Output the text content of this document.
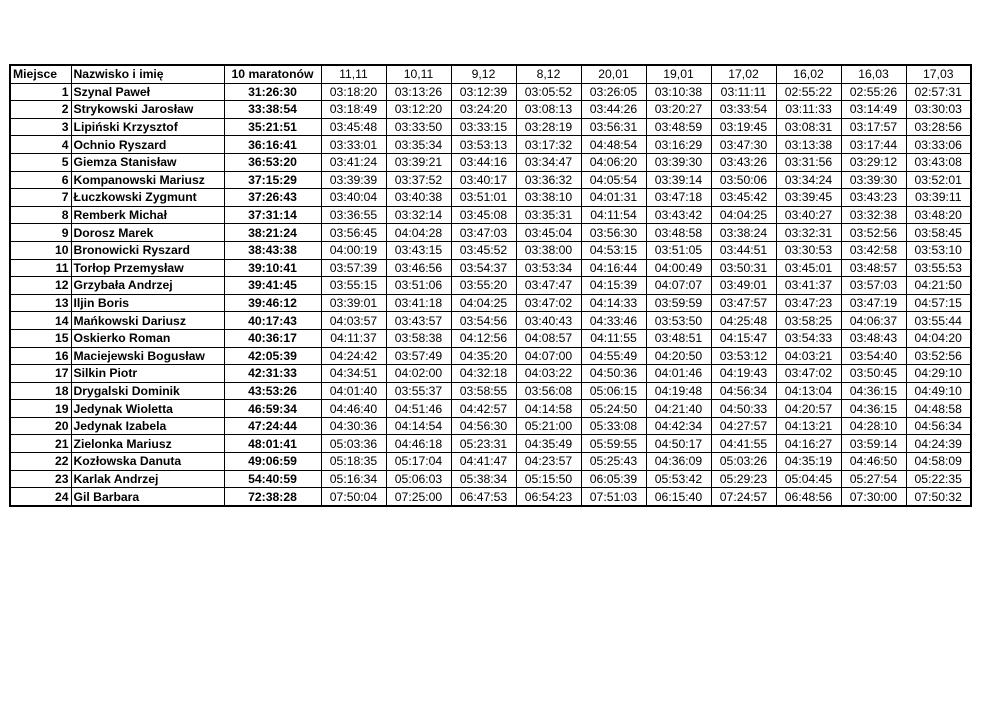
Miejsce	Nazwisko i imię	10 maratonów	11,11	10,11	9,12	8,12	20,01	19,01	17,02	16,02	16,03	17,03
1	Szynal Paweł	31:26:30	03:18:20	03:13:26	03:12:39	03:05:52	03:26:05	03:10:38	03:11:11	02:55:22	02:55:26	02:57:31
2	Strykowski Jarosław	33:38:54	03:18:49	03:12:20	03:24:20	03:08:13	03:44:26	03:20:27	03:33:54	03:11:33	03:14:49	03:30:03
3	Lipiński Krzysztof	35:21:51	03:45:48	03:33:50	03:33:15	03:28:19	03:56:31	03:48:59	03:19:45	03:08:31	03:17:57	03:28:56
4	Ochnio Ryszard	36:16:41	03:33:01	03:35:34	03:53:13	03:17:32	04:48:54	03:16:29	03:47:30	03:13:38	03:17:44	03:33:06
5	Giemza Stanisław	36:53:20	03:41:24	03:39:21	03:44:16	03:34:47	04:06:20	03:39:30	03:43:26	03:31:56	03:29:12	03:43:08
6	Kompanowski Mariusz	37:15:29	03:39:39	03:37:52	03:40:17	03:36:32	04:05:54	03:39:14	03:50:06	03:34:24	03:39:30	03:52:01
7	Łuczkowski Zygmunt	37:26:43	03:40:04	03:40:38	03:51:01	03:38:10	04:01:31	03:47:18	03:45:42	03:39:45	03:43:23	03:39:11
8	Remberk Michał	37:31:14	03:36:55	03:32:14	03:45:08	03:35:31	04:11:54	03:43:42	04:04:25	03:40:27	03:32:38	03:48:20
9	Dorosz Marek	38:21:24	03:56:45	04:04:28	03:47:03	03:45:04	03:56:30	03:48:58	03:38:24	03:32:31	03:52:56	03:58:45
10	Bronowicki Ryszard	38:43:38	04:00:19	03:43:15	03:45:52	03:38:00	04:53:15	03:51:05	03:44:51	03:30:53	03:42:58	03:53:10
11	Torłop Przemysław	39:10:41	03:57:39	03:46:56	03:54:37	03:53:34	04:16:44	04:00:49	03:50:31	03:45:01	03:48:57	03:55:53
12	Grzybała Andrzej	39:41:45	03:55:15	03:51:06	03:55:20	03:47:47	04:15:39	04:07:07	03:49:01	03:41:37	03:57:03	04:21:50
13	Iljin Boris	39:46:12	03:39:01	03:41:18	04:04:25	03:47:02	04:14:33	03:59:59	03:47:57	03:47:23	03:47:19	04:57:15
14	Mańkowski Dariusz	40:17:43	04:03:57	03:43:57	03:54:56	03:40:43	04:33:46	03:53:50	04:25:48	03:58:25	04:06:37	03:55:44
15	Oskierko Roman	40:36:17	04:11:37	03:58:38	04:12:56	04:08:57	04:11:55	03:48:51	04:15:47	03:54:33	03:48:43	04:04:20
16	Maciejewski Bogusław	42:05:39	04:24:42	03:57:49	04:35:20	04:07:00	04:55:49	04:20:50	03:53:12	04:03:21	03:54:40	03:52:56
17	Silkin Piotr	42:31:33	04:34:51	04:02:00	04:32:18	04:03:22	04:50:36	04:01:46	04:19:43	03:47:02	03:50:45	04:29:10
18	Drygalski Dominik	43:53:26	04:01:40	03:55:37	03:58:55	03:56:08	05:06:15	04:19:48	04:56:34	04:13:04	04:36:15	04:49:10
19	Jedynak Wioletta	46:59:34	04:46:40	04:51:46	04:42:57	04:14:58	05:24:50	04:21:40	04:50:33	04:20:57	04:36:15	04:48:58
20	Jedynak Izabela	47:24:44	04:30:36	04:14:54	04:56:30	05:21:00	05:33:08	04:42:34	04:27:57	04:13:21	04:28:10	04:56:34
21	Zielonka Mariusz	48:01:41	05:03:36	04:46:18	05:23:31	04:35:49	05:59:55	04:50:17	04:41:55	04:16:27	03:59:14	04:24:39
22	Kozłowska Danuta	49:06:59	05:18:35	05:17:04	04:41:47	04:23:57	05:25:43	04:36:09	05:03:26	04:35:19	04:46:50	04:58:09
23	Karlak Andrzej	54:40:59	05:16:34	05:06:03	05:38:34	05:15:50	06:05:39	05:53:42	05:29:23	05:04:45	05:27:54	05:22:35
24	Gil Barbara	72:38:28	07:50:04	07:25:00	06:47:53	06:54:23	07:51:03	06:15:40	07:24:57	06:48:56	07:30:00	07:50:32
